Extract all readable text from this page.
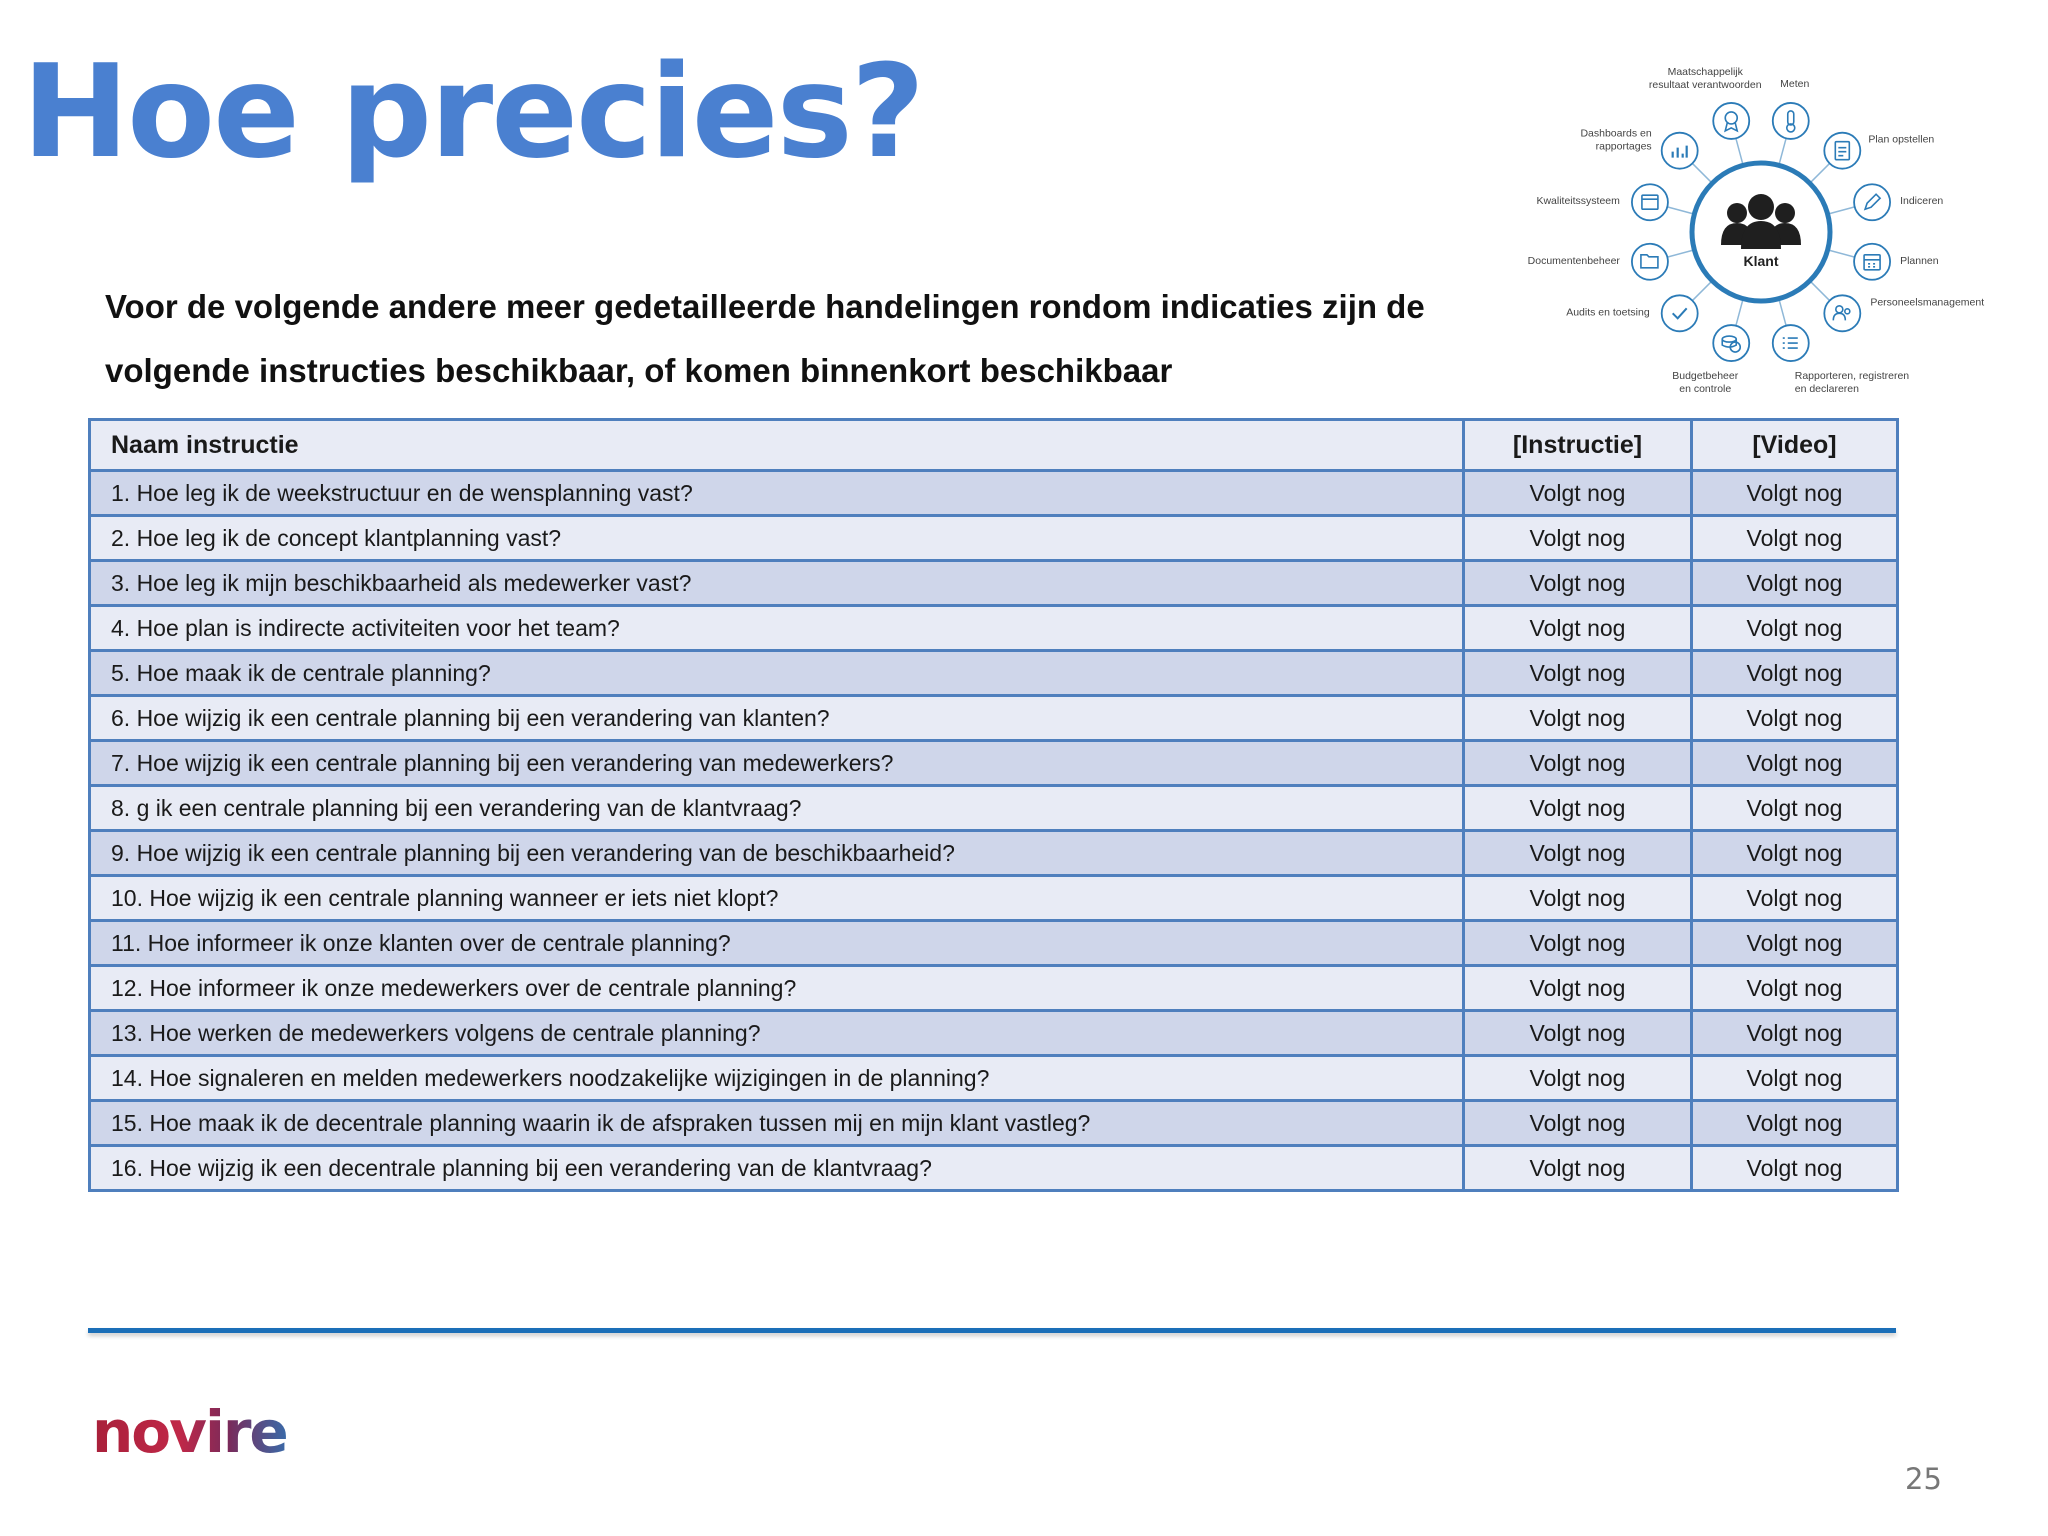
Hoe precies?
Voor de volgende andere meer gedetailleerde handelingen rondom indicaties zijn de volgende instructies beschikbaar, of komen binnenkort beschikbaar
Klant
Maatschappelijk
resultaat verantwoorden Meten
Plan opstellen
Indiceren
Plannen
Personeelsmanagement
Rapporteren, registreren
en declareren
Budgetbeheer
en controle
Audits en toetsing
Documentenbeheer
Kwaliteitssysteem
Dashboards en
rapportages
Naam instructie	[Instructie]	[Video]
1. Hoe leg ik de weekstructuur en de wensplanning vast?	Volgt nog	Volgt nog
2. Hoe leg ik de concept klantplanning vast?	Volgt nog	Volgt nog
3. Hoe leg ik mijn beschikbaarheid als medewerker vast?	Volgt nog	Volgt nog
4. Hoe plan is indirecte activiteiten voor het team?	Volgt nog	Volgt nog
5. Hoe maak ik de centrale planning?	Volgt nog	Volgt nog
6. Hoe wijzig ik een centrale planning bij een verandering van klanten?	Volgt nog	Volgt nog
7. Hoe wijzig ik een centrale planning bij een verandering van medewerkers?	Volgt nog	Volgt nog
8. g ik een centrale planning bij een verandering van de klantvraag?	Volgt nog	Volgt nog
9. Hoe wijzig ik een centrale planning bij een verandering van de beschikbaarheid?	Volgt nog	Volgt nog
10. Hoe wijzig ik een centrale planning wanneer er iets niet klopt?	Volgt nog	Volgt nog
11. Hoe informeer ik onze klanten over de centrale planning?	Volgt nog	Volgt nog
12. Hoe informeer ik onze medewerkers over de centrale planning?	Volgt nog	Volgt nog
13. Hoe werken de medewerkers volgens de centrale planning?	Volgt nog	Volgt nog
14. Hoe signaleren en melden medewerkers noodzakelijke wijzigingen in de planning?	Volgt nog	Volgt nog
15. Hoe maak ik de decentrale planning waarin ik de afspraken tussen mij en mijn klant vastleg?	Volgt nog	Volgt nog
16. Hoe wijzig ik een decentrale planning bij een verandering van de klantvraag?	Volgt nog	Volgt nog
novire
25
